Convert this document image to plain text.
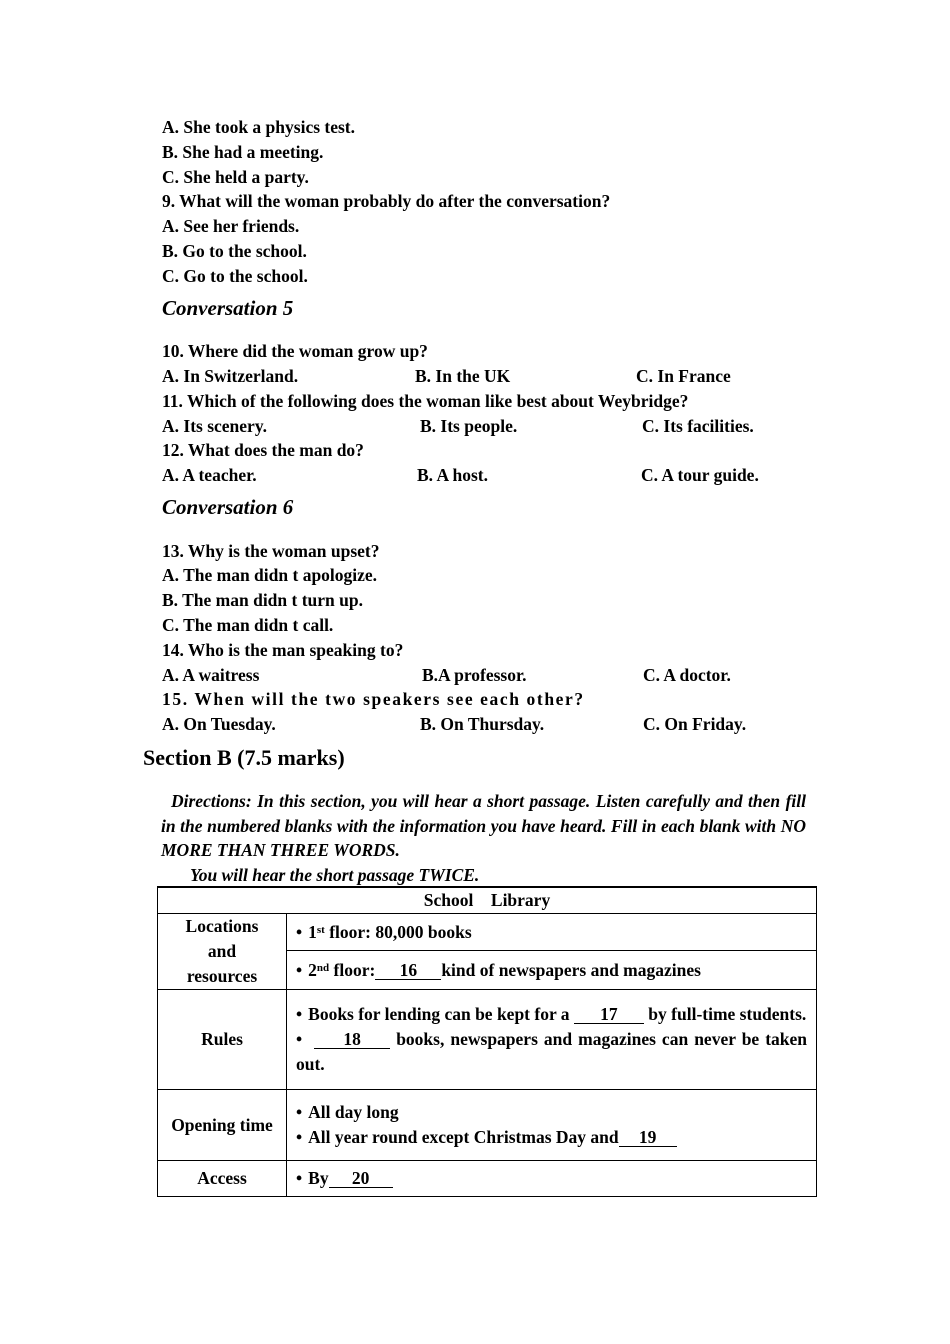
A. She took a physics test.
B. She had a meeting.
C. She held a party.
9. What will the woman probably do after the conversation?
A. See her friends.
B. Go to the school.
C. Go to the school.
Conversation 5
10. Where did the woman grow up?
A. In Switzerland.	B. In the UK	C. In France
11. Which of the following does the woman like best about Weybridge?
A. Its scenery.	B. Its people.	C. Its facilities.
12. What does the man do?
A. A teacher.	B. A host.	C. A tour guide.
Conversation 6
13. Why is the woman upset?
A. The man didn t apologize.
B. The man didn t turn up.
C. The man didn t call.
14. Who is the man speaking to?
A. A waitress	B.A professor.	C. A doctor.
15. When will the two speakers see each other?
A. On Tuesday.	B. On Thursday.	C. On Friday.
Section B (7.5 marks)

Directions: In this section, you will hear a short passage. Listen carefully and then fill in the numbered blanks with the information you have heard. Fill in each blank with NO MORE THAN THREE WORDS.

You will hear the short passage TWICE.

School    Library	

Locations and resources	• 1st floor: 80,000 books
	• 2nd floor: 16 kind of newspapers and magazines
Rules	• Books for lending can be kept for a 17 by full-time students.
• 18 books, newspapers and magazines can never be taken out.

Opening time	• All day long
• All year round except Christmas Day and 19

Access	• By 20
